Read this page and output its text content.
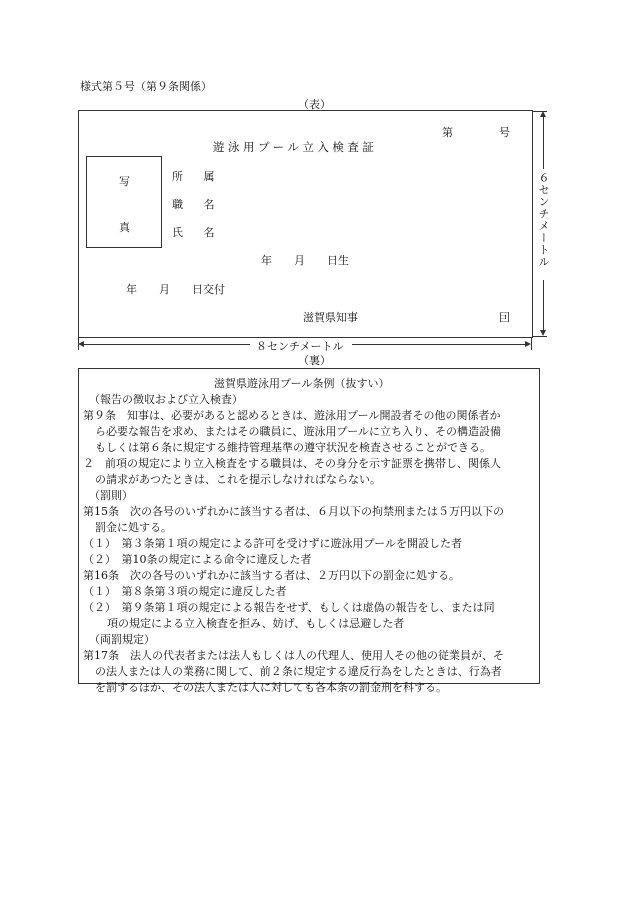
様式第５号（第９条関係）
（表）
第	号
遊泳用プール立入検査証
写
真
所　 属
職　 名
氏　 名
年　　月　　日生
年　　月　　日交付
滋賀県知事	囙
６センチメートル
８センチメートル
（裏）
滋賀県遊泳用プール条例（抜すい）
（報告の徴収および立入検査）
第９条　知事は、必要があると認めるときは、遊泳用プール開設者その他の関係者か
ら必要な報告を求め、またはその職員に、遊泳用プールに立ち入り、その構造設備
もしくは第６条に規定する維持管理基準の遵守状況を検査させることができる。
２　前項の規定により立入検査をする職員は、その身分を示す証票を携帯し、関係人
の請求があつたときは、これを提示しなければならない。
（罰則）
第15条　次の各号のいずれかに該当する者は、６月以下の拘禁刑または５万円以下の
罰金に処する。
（１）　第３条第１項の規定による許可を受けずに遊泳用プールを開設した者
（２）　第10条の規定による命令に違反した者
第16条　次の各号のいずれかに該当する者は、２万円以下の罰金に処する。
（１）　第８条第３項の規定に違反した者
（２）　第９条第１項の規定による報告をせず、もしくは虚偽の報告をし、または同
項の規定による立入検査を拒み、妨げ、もしくは忌避した者
（両罰規定）
第17条　法人の代表者または法人もしくは人の代理人、使用人その他の従業員が、そ
の法人または人の業務に関して、前２条に規定する違反行為をしたときは、行為者
を罰するほか、その法人または人に対しても各本条の罰金刑を科する。
